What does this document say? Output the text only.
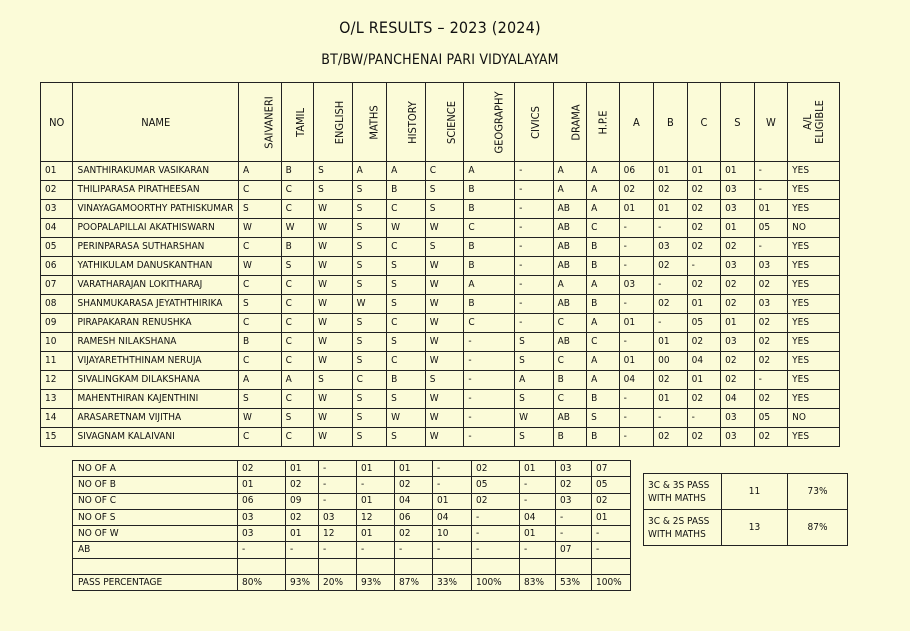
O/L RESULTS – 2023 (2024)
BT/BW/PANCHENAI PARI VIDYALAYAM
NO	NAME	SAIVANERI	TAMIL	ENGLISH	MATHS	HISTORY	SCIENCE	GEOGRAPHY	CIVICS	DRAMA	H.P.E	A	B	C	S	W	A/L
ELIGIBLE
01	SANTHIRAKUMAR VASIKARAN	A	B	S	A	A	C	A	-	A	A	06	01	01	01	-	YES
02	THILIPARASA PIRATHEESAN	C	C	S	S	B	S	B	-	A	A	02	02	02	03	-	YES
03	VINAYAGAMOORTHY PATHISKUMAR	S	C	W	S	C	S	B	-	AB	A	01	01	02	03	01	YES
04	POOPALAPILLAI AKATHISWARN	W	W	W	S	W	W	C	-	AB	C	-	-	02	01	05	NO
05	PERINPARASA SUTHARSHAN	C	B	W	S	C	S	B	-	AB	B	-	03	02	02	-	YES
06	YATHIKULAM DANUSKANTHAN	W	S	W	S	S	W	B	-	AB	B	-	02	-	03	03	YES
07	VARATHARAJAN LOKITHARAJ	C	C	W	S	S	W	A	-	A	A	03	-	02	02	02	YES
08	SHANMUKARASA JEYATHTHIRIKA	S	C	W	W	S	W	B	-	AB	B	-	02	01	02	03	YES
09	PIRAPAKARAN RENUSHKA	C	C	W	S	C	W	C	-	C	A	01	-	05	01	02	YES
10	RAMESH NILAKSHANA	B	C	W	S	S	W	-	S	AB	C	-	01	02	03	02	YES
11	VIJAYARETHTHINAM NERUJA	C	C	W	S	C	W	-	S	C	A	01	00	04	02	02	YES
12	SIVALINGKAM DILAKSHANA	A	A	S	C	B	S	-	A	B	A	04	02	01	02	-	YES
13	MAHENTHIRAN KAJENTHINI	S	C	W	S	S	W	-	S	C	B	-	01	02	04	02	YES
14	ARASARETNAM VIJITHA	W	S	W	S	W	W	-	W	AB	S	-	-	-	03	05	NO
15	SIVAGNAM KALAIVANI	C	C	W	S	S	W	-	S	B	B	-	02	02	03	02	YES
NO OF A	02	01	-	01	01	-	02	01	03	07
NO OF B	01	02	-	-	02	-	05	-	02	05
NO OF C	06	09	-	01	04	01	02	-	03	02
NO OF S	03	02	03	12	06	04	-	04	-	01
NO OF W	03	01	12	01	02	10	-	01	-	-
AB	-	-	-	-	-	-	-	-	07	-

PASS PERCENTAGE	80%	93%	20%	93%	87%	33%	100%	83%	53%	100%
3C & 3S PASS WITH MATHS	11	73%
3C & 2S PASS WITH MATHS	13	87%
